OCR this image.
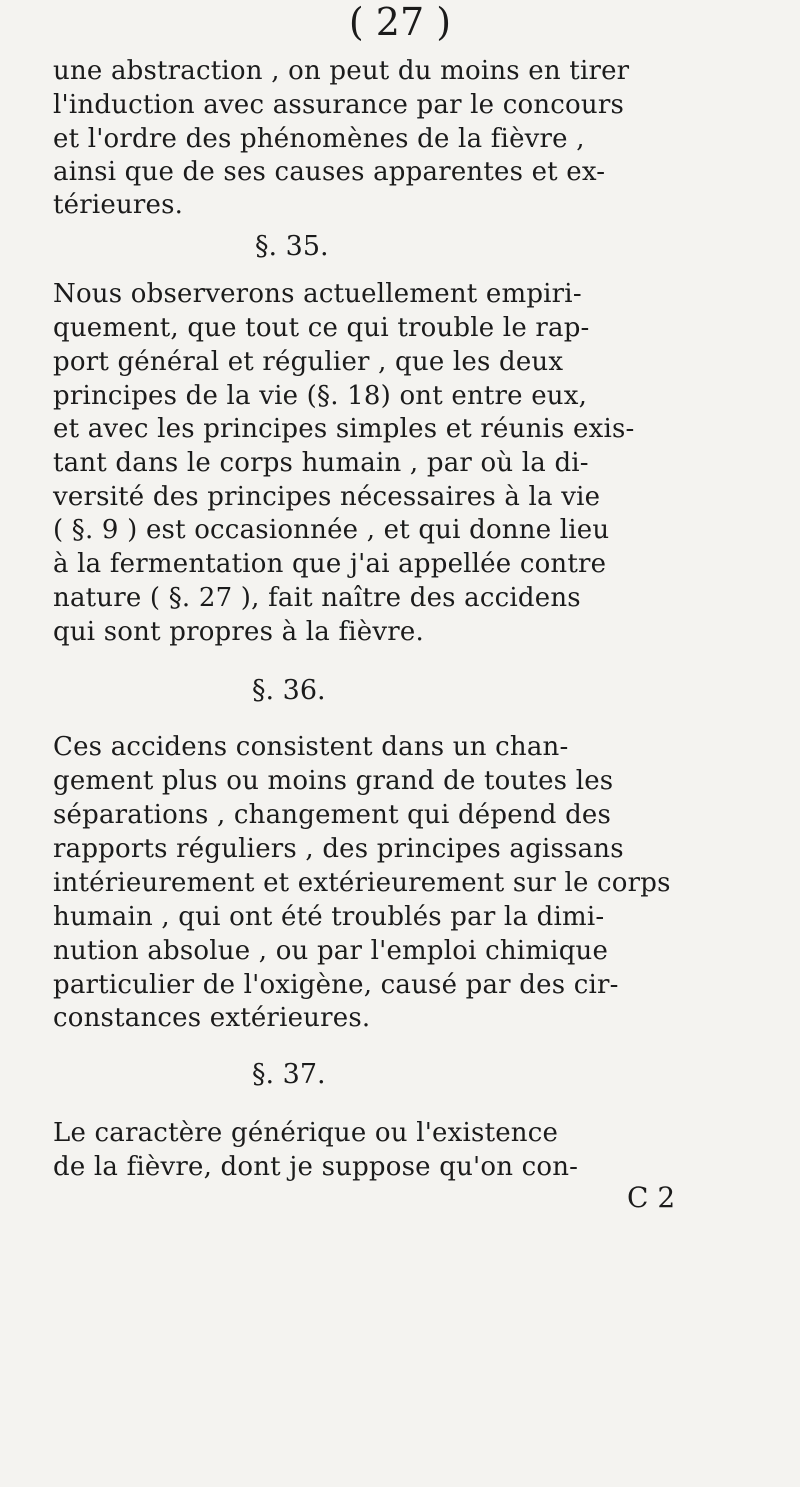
( 27 )
une abstraction , on peut du moins en tirer
l'induction avec assurance par le concours
et l'ordre des phénomènes de la fièvre ,
ainsi que de ses causes apparentes et ex-
térieures.
§. 35.
Nous observerons actuellement empiri-
quement, que tout ce qui trouble le rap-
port général et régulier , que les deux
principes de la vie (§. 18) ont entre eux,
et avec les principes simples et réunis exis-
tant dans le corps humain , par où la di-
versité des principes nécessaires à la vie
( §. 9 ) est occasionnée , et qui donne lieu
à la fermentation que j'ai appellée contre
nature ( §. 27 ), fait naître des accidens
qui sont propres à la fièvre.
§. 36.
Ces accidens consistent dans un chan-
gement plus ou moins grand de toutes les
séparations , changement qui dépend des
rapports réguliers , des principes agissans
intérieurement et extérieurement sur le corps
humain , qui ont été troublés par la dimi-
nution absolue , ou par l'emploi chimique
particulier de l'oxigène, causé par des cir-
constances extérieures.
§. 37.
Le caractère générique ou l'existence
de la fièvre, dont je suppose qu'on con-
C 2
